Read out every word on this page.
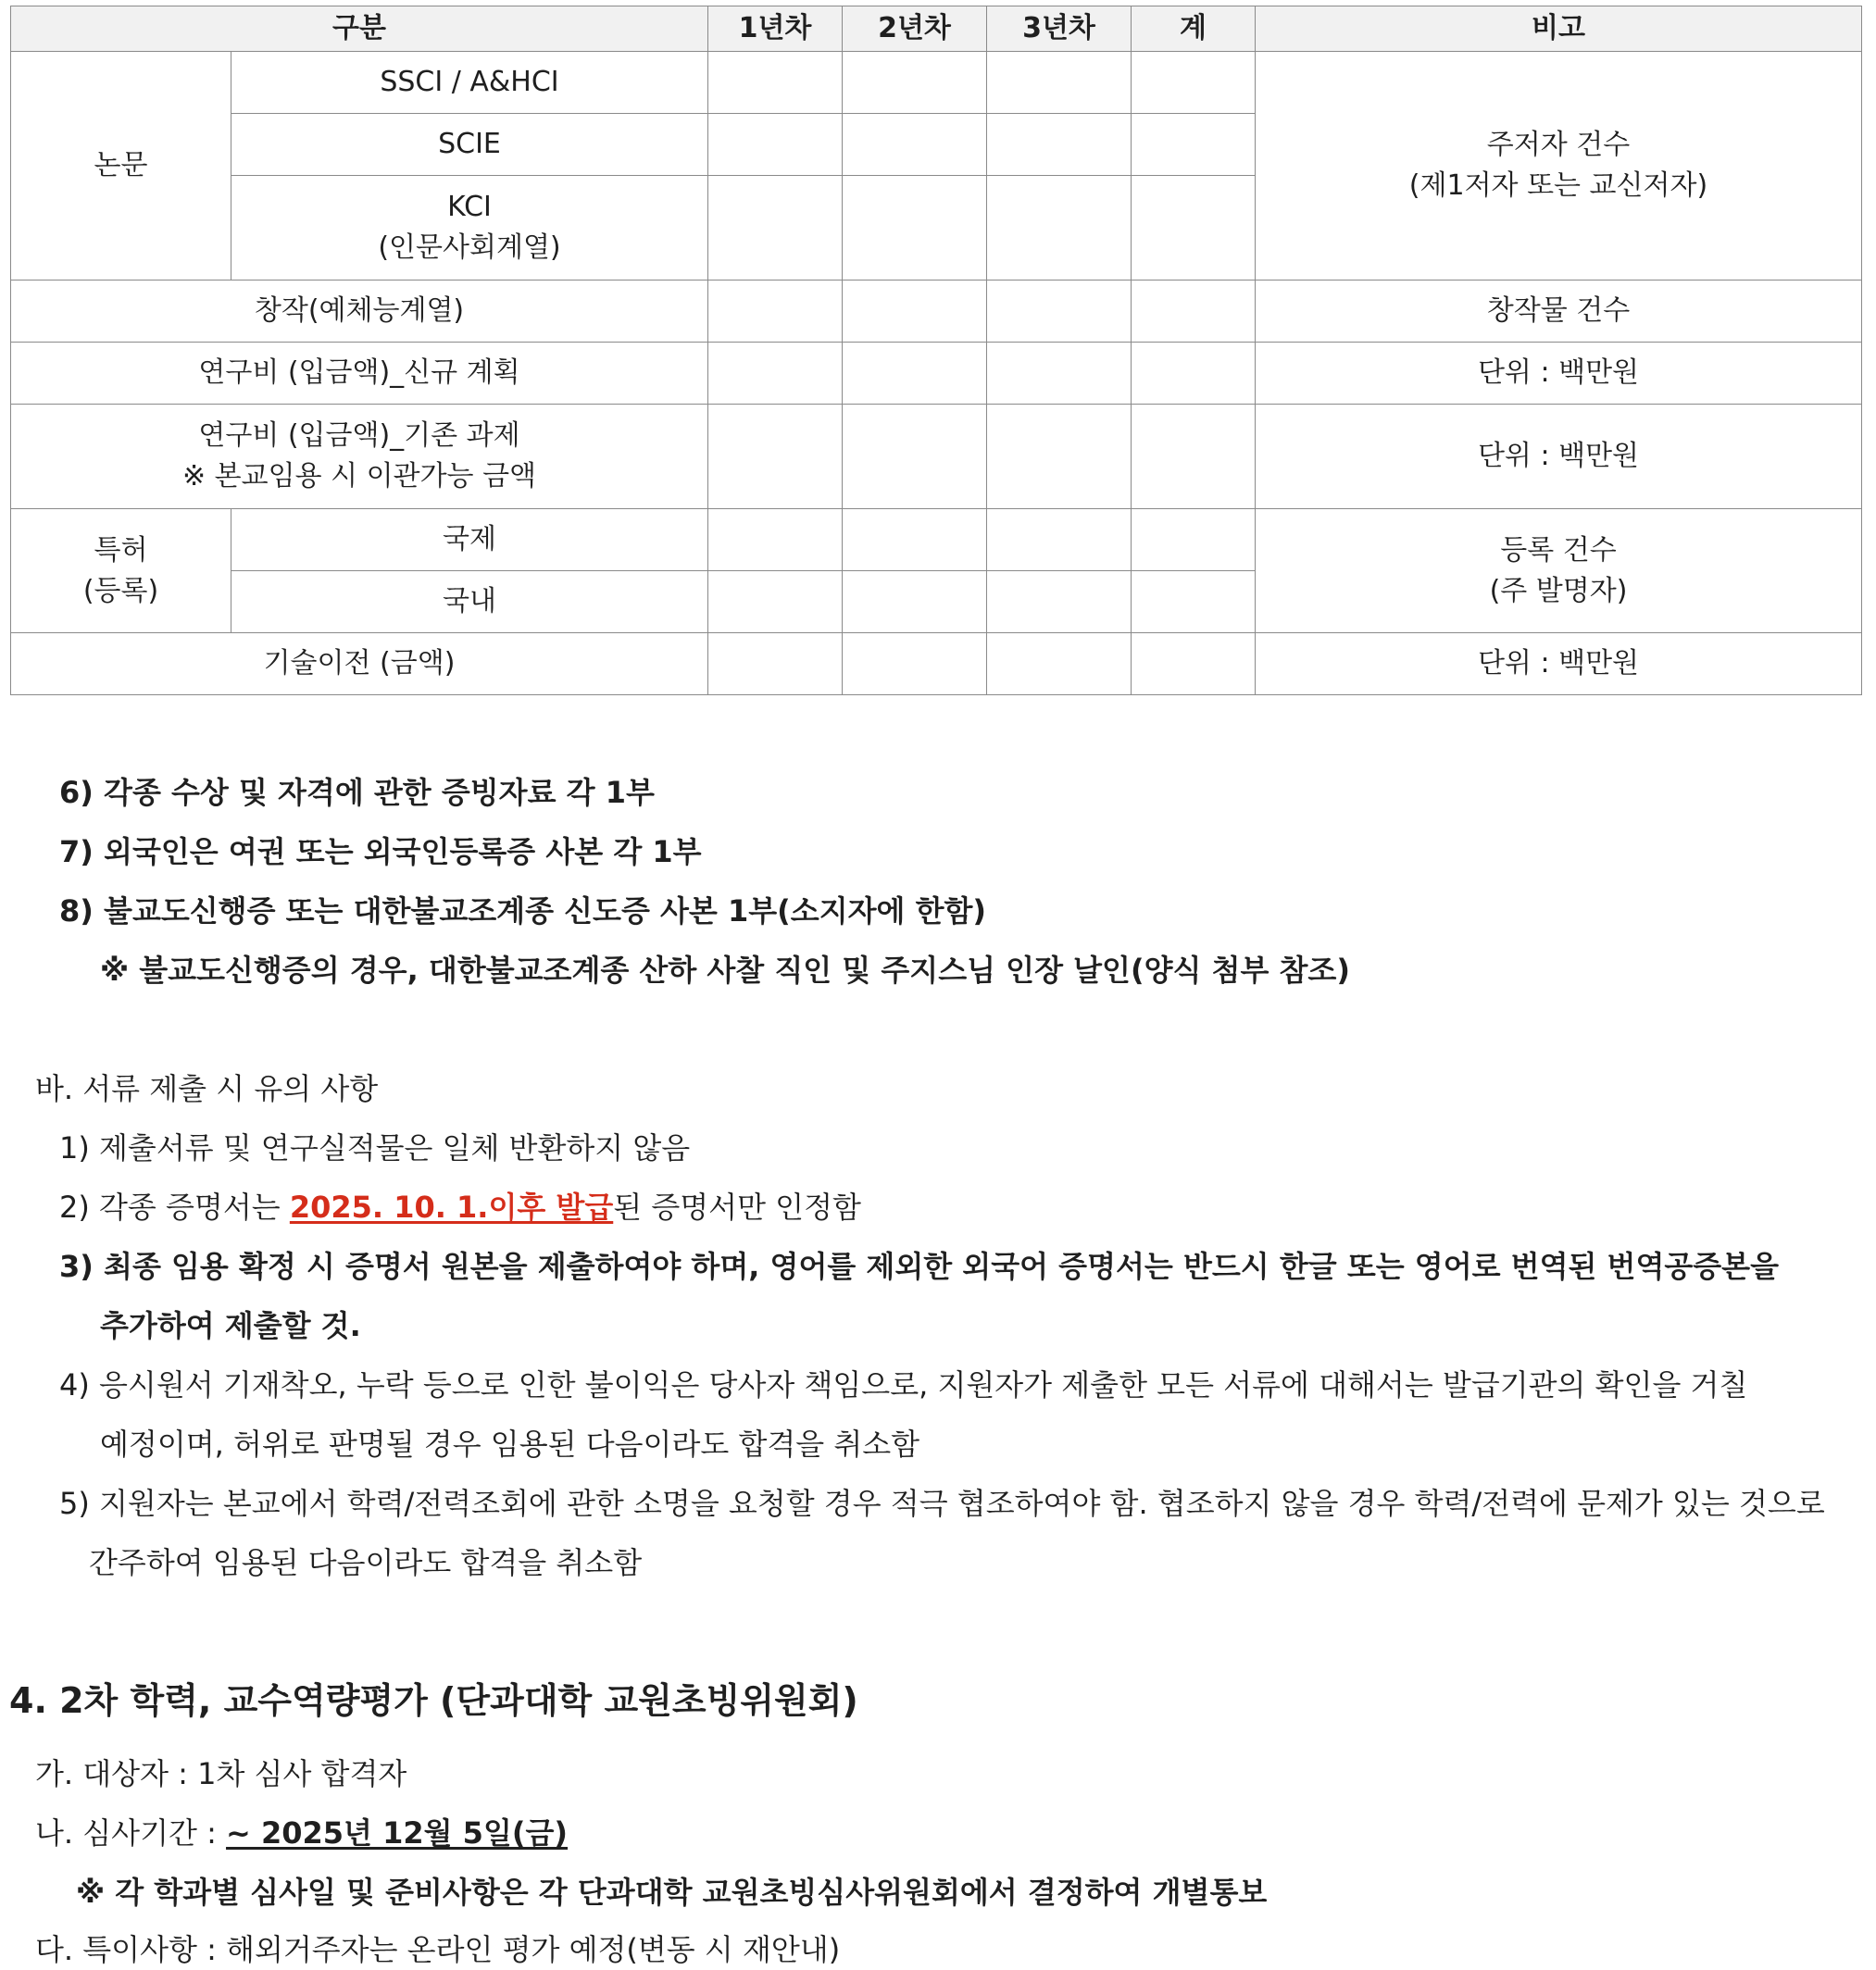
구분		1년차	2년차	3년차	계	비고

논문	SSCI / A&HCI					주저자 건수
(제1저자 또는 교신저자)

	SCIE					

	KCI
(인문사회계열)					

창작(예체능계열)						창작물 건수

연구비 (입금액)_신규 계획						단위 : 백만원

연구비 (입금액)_기존 과제
※ 본교임용 시 이관가능 금액						단위 : 백만원

특허
(등록)	국제					등록 건수
(주 발명자)

	국내					

기술이전 (금액)						단위 : 백만원
6) 각종 수상 및 자격에 관한 증빙자료 각 1부
7) 외국인은 여권 또는 외국인등록증 사본 각 1부
8) 불교도신행증 또는 대한불교조계종 신도증 사본 1부(소지자에 한함)
※ 불교도신행증의 경우, 대한불교조계종 산하 사찰 직인 및 주지스님 인장 날인(양식 첨부 참조)
바. 서류 제출 시 유의 사항
1) 제출서류 및 연구실적물은 일체 반환하지 않음
2) 각종 증명서는 2025. 10. 1.이후 발급된 증명서만 인정함
3) 최종 임용 확정 시 증명서 원본을 제출하여야 하며, 영어를 제외한 외국어 증명서는 반드시 한글 또는 영어로 번역된 번역공증본을
추가하여 제출할 것.
4) 응시원서 기재착오, 누락 등으로 인한 불이익은 당사자 책임으로, 지원자가 제출한 모든 서류에 대해서는 발급기관의 확인을 거칠
예정이며, 허위로 판명될 경우 임용된 다음이라도 합격을 취소함
5) 지원자는 본교에서 학력/전력조회에 관한 소명을 요청할 경우 적극 협조하여야 함. 협조하지 않을 경우 학력/전력에 문제가 있는 것으로
간주하여 임용된 다음이라도 합격을 취소함
4. 2차 학력, 교수역량평가 (단과대학 교원초빙위원회)
가. 대상자 : 1차 심사 합격자
나. 심사기간 : ~ 2025년 12월 5일(금)
※ 각 학과별 심사일 및 준비사항은 각 단과대학 교원초빙심사위원회에서 결정하여 개별통보
다. 특이사항 : 해외거주자는 온라인 평가 예정(변동 시 재안내)
